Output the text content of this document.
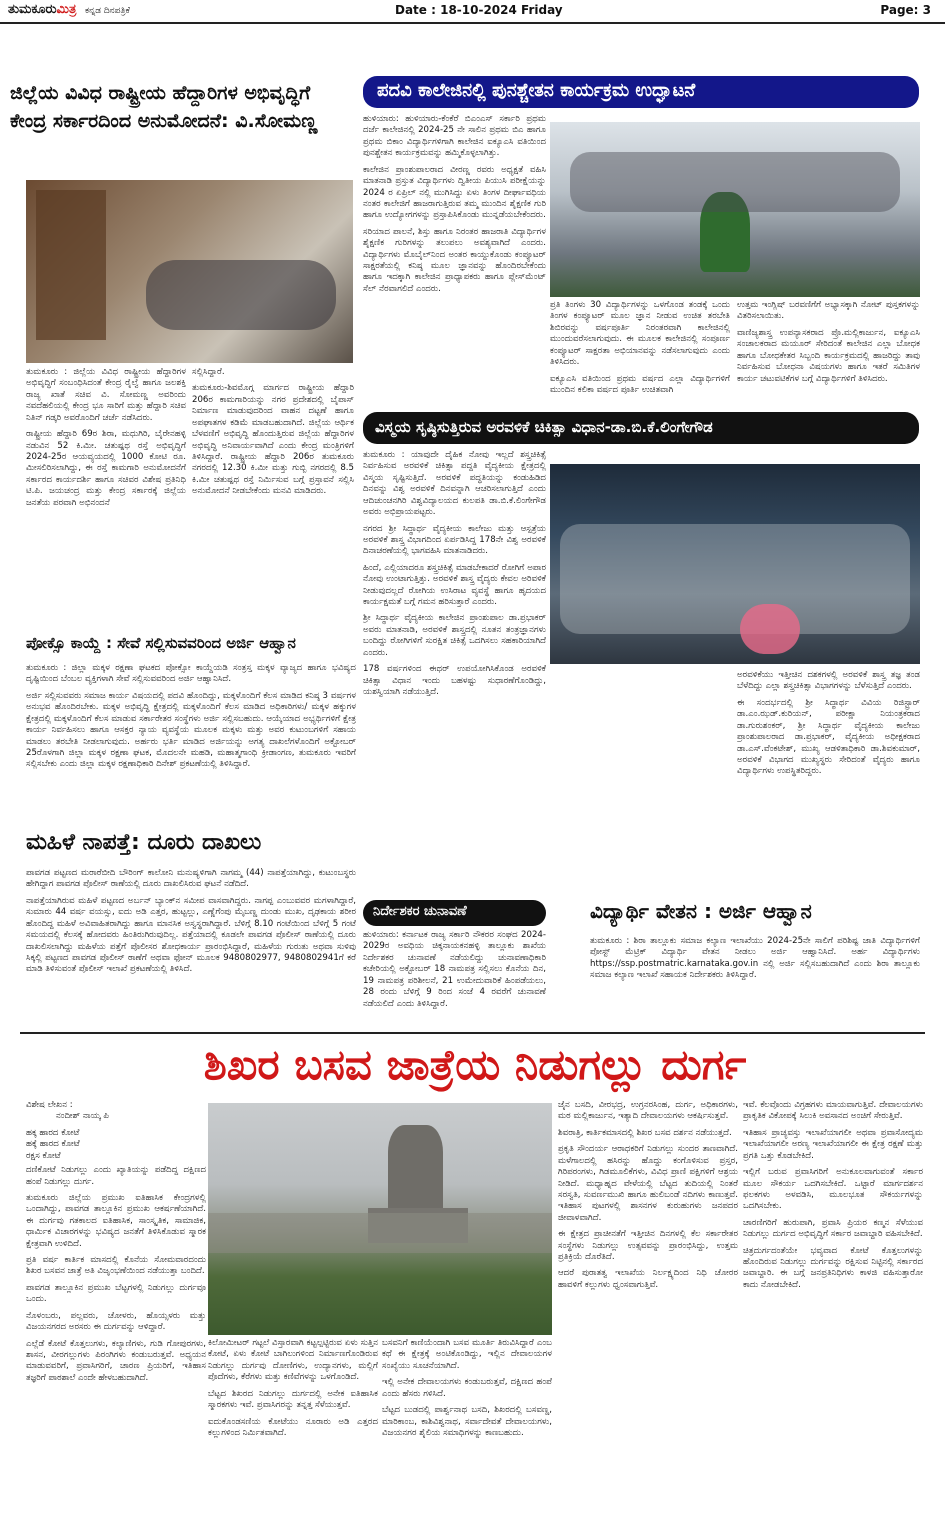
ತುಮಕೂರುಮಿತ್ರ ಕನ್ನಡ ದಿನಪತ್ರಿಕೆ	Date : 18-10-2024 Friday	Page: 3
ಜಿಲ್ಲೆಯ ವಿವಿಧ ರಾಷ್ಟ್ರೀಯ ಹೆದ್ದಾರಿಗಳ ಅಭಿವೃದ್ಧಿಗೆ
ಕೇಂದ್ರ ಸರ್ಕಾರದಿಂದ ಅನುಮೋದನೆ: ವಿ.ಸೋಮಣ್ಣ

ತುಮಕೂರು : ಜಿಲ್ಲೆಯ ವಿವಿಧ ರಾಷ್ಟ್ರೀಯ ಹೆದ್ದಾರಿಗಳ ಅಭಿವೃದ್ಧಿಗೆ ಸಂಬಂಧಿಸಿದಂತೆ ಕೇಂದ್ರ ರೈಲ್ವೆ ಹಾಗೂ ಜಲಶಕ್ತಿ ರಾಜ್ಯ ಖಾತೆ ಸಚಿವ ವಿ. ಸೋಮಣ್ಣ ಅವರಿಂದು ನವದೆಹಲಿಯಲ್ಲಿ ಕೇಂದ್ರ ಭೂ ಸಾರಿಗೆ ಮತ್ತು ಹೆದ್ದಾರಿ ಸಚಿವ ನಿತಿನ್ ಗಡ್ಕರಿ ಅವರೊಂದಿಗೆ ಚರ್ಚೆ ನಡೆಸಿದರು.

ರಾಷ್ಟ್ರೀಯ ಹೆದ್ದಾರಿ 69ರ ಶಿರಾ, ಮಧುಗಿರಿ, ಬೈರೇನಹಳ್ಳಿ ನಡುವಿನ 52 ಕಿ.ಮೀ. ಚತುಷ್ಪಥ ರಸ್ತೆ ಅಭಿವೃದ್ಧಿಗೆ 2024-25ರ ಆಯವ್ಯಯದಲ್ಲಿ 1000 ಕೋಟಿ ರೂ. ಮೀಸಲಿರಿಸಲಾಗಿದ್ದು, ಈ ರಸ್ತೆ ಕಾಮಗಾರಿ ಅನುಮೋದನೆಗೆ ಸರ್ಕಾರದ ಕಾರ್ಯದರ್ಶಿ ಹಾಗೂ ಸಚಿವರ ವಿಶೇಷ ಪ್ರತಿನಿಧಿ ಟಿ.ಪಿ. ಜಯಚಂದ್ರ ಮತ್ತು ಕೇಂದ್ರ ಸರ್ಕಾರಕ್ಕೆ ಜಿಲ್ಲೆಯ ಜನತೆಯ ಪರವಾಗಿ ಅಭಿನಂದನೆ

ಸಲ್ಲಿಸಿದ್ದಾರೆ.

ತುಮಕೂರು-ಶಿವಮೊಗ್ಗ ಮಾರ್ಗದ ರಾಷ್ಟ್ರೀಯ ಹೆದ್ದಾರಿ 206ರ ಕಾಮಗಾರಿಯನ್ನು ನಗರ ಪ್ರದೇಶದಲ್ಲಿ ಬೈಪಾಸ್ ನಿರ್ಮಾಣ ಮಾಡುವುದರಿಂದ ವಾಹನ ದಟ್ಟಣೆ ಹಾಗೂ ಅಪಘಾತಗಳ ಕಡಿಮೆ ಮಾಡಬಹುದಾಗಿದೆ. ಜಿಲ್ಲೆಯ ಆರ್ಥಿಕ ಬೆಳವಣಿಗೆ ಅಭಿವೃದ್ಧಿ ಹೊಂದುತ್ತಿರುವ ಜಿಲ್ಲೆಯ ಹೆದ್ದಾರಿಗಳ ಅಭಿವೃದ್ಧಿ ಅನಿವಾರ್ಯವಾಗಿದೆ ಎಂದು ಕೇಂದ್ರ ಮಂತ್ರಿಗಳಿಗೆ ತಿಳಿಸಿದ್ದಾರೆ. ರಾಷ್ಟ್ರೀಯ ಹೆದ್ದಾರಿ 206ರ ತುಮಕೂರು ನಗರದಲ್ಲಿ 12.30 ಕಿ.ಮೀ ಮತ್ತು ಗುಬ್ಬಿ ನಗರದಲ್ಲಿ 8.5 ಕಿ.ಮೀ ಚತುಷ್ಪಥ ರಸ್ತೆ ನಿರ್ಮಿಸುವ ಬಗ್ಗೆ ಪ್ರಸ್ತಾವನೆ ಸಲ್ಲಿಸಿ ಅನುಮೋದನೆ ನೀಡಬೇಕೆಂದು ಮನವಿ ಮಾಡಿದರು.

ಪೋಕ್ಸೊ ಕಾಯ್ದೆ : ಸೇವೆ ಸಲ್ಲಿಸುವವರಿಂದ ಅರ್ಜಿ ಆಹ್ವಾನ

ತುಮಕೂರು : ಜಿಲ್ಲಾ ಮಕ್ಕಳ ರಕ್ಷಣಾ ಘಟಕದ ಪೋಕ್ಸೋ ಕಾಯ್ದೆಯಡಿ ಸಂತ್ರಸ್ತ ಮಕ್ಕಳ ವ್ಯಾಜ್ಯದ ಹಾಗೂ ಭವಿಷ್ಯದ ದೃಷ್ಟಿಯಿಂದ ಬೆಂಬಲ ವ್ಯಕ್ತಿಗಳಾಗಿ ಸೇವೆ ಸಲ್ಲಿಸುವವರಿಂದ ಅರ್ಜಿ ಆಹ್ವಾನಿಸಿದೆ.

ಅರ್ಜಿ ಸಲ್ಲಿಸುವವರು ಸಮಾಜ ಕಾರ್ಯ ವಿಷಯದಲ್ಲಿ ಪದವಿ ಹೊಂದಿದ್ದು, ಮಕ್ಕಳೊಂದಿಗೆ ಕೆಲಸ ಮಾಡಿದ ಕನಿಷ್ಠ 3 ವರ್ಷಗಳ ಅನುಭವ ಹೊಂದಿರಬೇಕು. ಮಕ್ಕಳ ಅಭಿವೃದ್ಧಿ ಕ್ಷೇತ್ರದಲ್ಲಿ ಮಕ್ಕಳೊಂದಿಗೆ ಕೆಲಸ ಮಾಡಿದ ಅಧಿಕಾರಿಗಳು/ ಮಕ್ಕಳ ಹಕ್ಕುಗಳ ಕ್ಷೇತ್ರದಲ್ಲಿ ಮಕ್ಕಳೊಂದಿಗೆ ಕೆಲಸ ಮಾಡುವ ಸರ್ಕಾರೇತರ ಸಂಸ್ಥೆಗಳು ಅರ್ಜಿ ಸಲ್ಲಿಸಬಹುದು. ಆಯ್ಕೆಯಾದ ಅಭ್ಯರ್ಥಿಗಳಿಗೆ ಕ್ಷೇತ್ರ ಕಾರ್ಯ ನಿರ್ವಹಿಸಲು ಹಾಗೂ ಆಸಕ್ತರ ನ್ಯಾಯ ವ್ಯವಸ್ಥೆಯ ಮೂಲಕ ಮಕ್ಕಳು ಮತ್ತು ಅವರ ಕುಟುಂಬಗಳಿಗೆ ಸಹಾಯ ಮಾಡಲು ತರಬೇತಿ ನೀಡಲಾಗುವುದು. ಅರ್ಹರು ಭರ್ತಿ ಮಾಡಿದ ಅರ್ಜಿಯನ್ನು ಅಗತ್ಯ ದಾಖಲೆಗಳೊಂದಿಗೆ ಅಕ್ಟೋಬರ್ 25ರೊಳಗಾಗಿ ಜಿಲ್ಲಾ ಮಕ್ಕಳ ರಕ್ಷಣಾ ಘಟಕ, ಮೊದಲನೇ ಮಹಡಿ, ಮಹಾತ್ಮಗಾಂಧಿ ಕ್ರೀಡಾಂಗಣ, ತುಮಕೂರು ಇವರಿಗೆ ಸಲ್ಲಿಸಬೇಕು ಎಂದು ಜಿಲ್ಲಾ ಮಕ್ಕಳ ರಕ್ಷಣಾಧಿಕಾರಿ ದಿನೇಶ್ ಪ್ರಕಟಣೆಯಲ್ಲಿ ತಿಳಿಸಿದ್ದಾರೆ.

ಮಹಿಳೆ ನಾಪತ್ತೆ: ದೂರು ದಾಖಲು

ಪಾವಗಡ ಪಟ್ಟಣದ ಮರಾಠೆಬೀದಿ ಬೌರಿಂಗ್ ಕಾಲೋನಿ ಮನುಷ್ಯಳಿಗಾಗಿ ನಾಗಮ್ಮ (44) ನಾಪತ್ತೆಯಾಗಿದ್ದು, ಕುಟುಂಬಸ್ಥರು ಹೇಗಿದ್ದಾಗ ಪಾವಗಡ ಪೊಲೀಸ್ ಠಾಣೆಯಲ್ಲಿ ದೂರು ದಾಖಲಿಸಿರುವ ಘಟನೆ ನಡೆದಿದೆ.

ನಾಪತ್ತೆಯಾಗಿರುವ ಮಹಿಳೆ ಪಟ್ಟಣದ ಅರ್ಬನ್ ಬ್ಯಾಂಕ್‌ನ ಸಮೀಪ ವಾಸವಾಗಿದ್ದರು. ನಾಗಪ್ಪ ಎಂಬುವವರ ಮಗಳಾಗಿದ್ದಾರೆ, ಸುಮಾರು 44 ವರ್ಷ ವಯಸ್ಸು, ಐದು ಅಡಿ ಎತ್ತರ, ಹುಟ್ಟಲ್ಲು, ಎಣ್ಣೆಗೆಂಪು ಮೈಬಣ್ಣ ದುಂಡು ಮುಖ, ದೃಢಕಾಯ ಶರೀರ ಹೊಂದಿದ್ದ ಮಹಿಳೆ ಅವಿವಾಹಿತರಾಗಿದ್ದು ಹಾಗೂ ಮಾನಸಿಕ ಅಸ್ವಸ್ಥರಾಗಿದ್ದಾರೆ. ಬೆಳಿಗ್ಗೆ 8.10 ಗಂಟೆಯಿಂದ ಬೆಳಿಗ್ಗೆ 5 ಗಂಟೆ ಸಮಯದಲ್ಲಿ ಕೆಲಸಕ್ಕೆ ಹೋದವರು ಹಿಂತಿರುಗಿರುವುದಿಲ್ಲ. ಪತ್ತೆಯಾದಲ್ಲಿ ಕೂಡಲೇ ಪಾವಗಡ ಪೊಲೀಸ್ ಠಾಣೆಯಲ್ಲಿ ದೂರು ದಾಖಲಿಸಲಾಗಿದ್ದು ಮಹಿಳೆಯ ಪತ್ತೆಗೆ ಪೊಲೀಸರ ಶೋಧಕಾರ್ಯ ಪ್ರಾರಂಭಿಸಿದ್ದಾರೆ, ಮಹಿಳೆಯ ಗುರುತು ಅಥವಾ ಸುಳಿವು ಸಿಕ್ಕಲ್ಲಿ ಪಟ್ಟಣದ ಪಾವಗಡ ಪೊಲೀಸ್ ಠಾಣೆಗೆ ಅಥವಾ ಫೋನ್ ಮೂಲಕ 9480802977, 9480802941ಗೆ ಕರೆ ಮಾಡಿ ತಿಳಿಸುವಂತೆ ಪೊಲೀಸ್ ಇಲಾಖೆ ಪ್ರಕಟಣೆಯಲ್ಲಿ ತಿಳಿಸಿದೆ.

ಪದವಿ ಕಾಲೇಜಿನಲ್ಲಿ ಪುನಶ್ಚೇತನ ಕಾರ್ಯಕ್ರಮ ಉದ್ಘಾಟನೆ

ಹುಳಿಯಾರು: ಹುಳಿಯಾರು-ಕೆಂಕೆರೆ ಬಿಎಂಎಸ್ ಸರ್ಕಾರಿ ಪ್ರಥಮ ದರ್ಜೆ ಕಾಲೇಜಿನಲ್ಲಿ 2024-25 ನೇ ಸಾಲಿನ ಪ್ರಥಮ ಬಿಎ ಹಾಗೂ ಪ್ರಥಮ ಬಿಕಾಂ ವಿದ್ಯಾರ್ಥಿಗಳಿಗಾಗಿ ಕಾಲೇಜಿನ ಐಕ್ಯೂಎಸಿ ವತಿಯಿಂದ ಪುನಶ್ಚೇತನ ಕಾರ್ಯಕ್ರಮವನ್ನು ಹಮ್ಮಿಕೊಳ್ಳಲಾಗಿತ್ತು.

ಕಾಲೇಜಿನ ಪ್ರಾಂಶುಪಾಲರಾದ ವೀರಣ್ಣ ರವರು ಅಧ್ಯಕ್ಷತೆ ವಹಿಸಿ ಮಾತನಾಡಿ ಪ್ರಸ್ತುತ ವಿದ್ಯಾರ್ಥಿಗಳು ದ್ವಿತೀಯ ಪಿಯುಸಿ ಪರೀಕ್ಷೆಯನ್ನು 2024 ರ ಏಪ್ರಿಲ್ ನಲ್ಲಿ ಮುಗಿಸಿದ್ದು ಏಳು ತಿಂಗಳ ದೀರ್ಘಾವಧಿಯ ನಂತರ ಕಾಲೇಜಿಗೆ ಹಾಜರಾಗುತ್ತಿರುವ ತಮ್ಮ ಮುಂದಿನ ಶೈಕ್ಷಣಿಕ ಗುರಿ ಹಾಗೂ ಉದ್ಯೋಗಗಳನ್ನು ಪ್ರಸ್ತಾಪಿಸಿಕೊಂಡು ಮುನ್ನಡೆಯಬೇಕೆಂದರು.

ಸರಿಯಾದ ಪಾಲನೆ, ಶಿಸ್ತು ಹಾಗೂ ನಿರಂತರ ಹಾಜರಾತಿ ವಿದ್ಯಾರ್ಥಿಗಳ ಶೈಕ್ಷಣಿಕ ಗುರಿಗಳನ್ನು ತಲುಪಲು ಅವಶ್ಯವಾಗಿದೆ ಎಂದರು. ವಿದ್ಯಾರ್ಥಿಗಳು ಮೊಬೈಲ್‌ನಿಂದ ಅಂತರ ಕಾಯ್ದುಕೊಂಡು ಕಂಪ್ಯೂಟರ್ ಸಾಕ್ಷರತೆಯಲ್ಲಿ ಕನಿಷ್ಠ ಮೂಲ ಜ್ಞಾನವನ್ನು ಹೊಂದಿರಬೇಕೆಂದು ಹಾಗೂ ಇದಕ್ಕಾಗಿ ಕಾಲೇಜಿನ ಪ್ರಾಧ್ಯಾಪಕರು ಹಾಗೂ ಪ್ಲೇಸ್‌ಮೆಂಟ್ ಸೆಲ್ ನೆರವಾಗಲಿದೆ ಎಂದರು.

ಪ್ರತಿ ತಿಂಗಳು 30 ವಿದ್ಯಾರ್ಥಿಗಳನ್ನು ಒಳಗೊಂಡ ತಂಡಕ್ಕೆ ಒಂದು ತಿಂಗಳ ಕಂಪ್ಯೂಟರ್ ಮೂಲ ಜ್ಞಾನ ನೀಡುವ ಉಚಿತ ತರಬೇತಿ ಶಿಬಿರವನ್ನು ವರ್ಷಪೂರ್ತಿ ನಿರಂತರವಾಗಿ ಕಾಲೇಜಿನಲ್ಲಿ ಮುಂದುವರೆಸಲಾಗುವುದು. ಈ ಮೂಲಕ ಕಾಲೇಜಿನಲ್ಲಿ ಸಂಪೂರ್ಣ ಕಂಪ್ಯೂಟರ್ ಸಾಕ್ಷರತಾ ಅಭಿಯಾನವನ್ನು ನಡೆಸಲಾಗುವುದು ಎಂದು ತಿಳಿಸಿದರು.

ಐಕ್ಯೂಎಸಿ ವತಿಯಿಂದ ಪ್ರಥಮ ವರ್ಷದ ಎಲ್ಲಾ ವಿದ್ಯಾರ್ಥಿಗಳಿಗೆ ಮುಂದಿನ ಕಲಿಕಾ ವರ್ಷದ ಪೂರ್ತಿ ಉಚಿತವಾಗಿ

ಉತ್ತಮ ಇಂಗ್ಲಿಷ್ ಬರವಣಿಗೆಗೆ ಅಭ್ಯಾಸಕ್ಕಾಗಿ ನೋಟ್ ಪುಸ್ತಕಗಳನ್ನು ವಿತರಿಸಲಾಯಿತು.

ವಾಣಿಜ್ಯಶಾಸ್ತ್ರ ಉಪನ್ಯಾಸಕರಾದ ಪ್ರೊ.ಮಲ್ಲಿಕಾರ್ಜುನ, ಐಕ್ಯೂಎಸಿ ಸಂಚಾಲಕರಾದ ಮಯೂರ್ ಸೇರಿದಂತೆ ಕಾಲೇಜಿನ ಎಲ್ಲಾ ಬೋಧಕ ಹಾಗೂ ಬೋಧಕೇತರ ಸಿಬ್ಬಂದಿ ಕಾರ್ಯಕ್ರಮದಲ್ಲಿ ಹಾಜರಿದ್ದು ತಾವು ನಿರ್ವಹಿಸುವ ಬೋಧನಾ ವಿಷಯಗಳು ಹಾಗೂ ಇತರೆ ಸಮಿತಿಗಳ ಕಾರ್ಯ ಚಟುವಟಿಕೆಗಳ ಬಗ್ಗೆ ವಿದ್ಯಾರ್ಥಿಗಳಿಗೆ ತಿಳಿಸಿದರು.

ವಿಸ್ಮಯ ಸೃಷ್ಠಿಸುತ್ತಿರುವ ಅರವಳಿಕೆ ಚಿಕಿತ್ಸಾ ವಿಧಾನ-ಡಾ.ಬಿ.ಕೆ.ಲಿಂಗೇಗೌಡ

ತುಮಕೂರು : ಯಾವುದೇ ದೈಹಿಕ ನೋವು ಇಲ್ಲದೆ ಶಸ್ತ್ರಚಿಕಿತ್ಸೆ ನಿರ್ವಹಿಸುವ ಅರವಳಿಕೆ ಚಿಕಿತ್ಸಾ ಪದ್ದತಿ ವೈದ್ಯಕೀಯ ಕ್ಷೇತ್ರದಲ್ಲಿ ವಿಸ್ಮಯ ಸೃಷ್ಟಿಸುತ್ತಿದೆ. ಅರವಳಿಕೆ ಪದ್ಧತಿಯನ್ನು ಕಂಡುಹಿಡಿದ ದಿನವನ್ನು ವಿಶ್ವ ಅರವಳಿಕೆ ದಿನವನ್ನಾಗಿ ಆಚರಿಸಲಾಗುತ್ತಿದೆ ಎಂದು ಆದಿಚುಂಚನಗಿರಿ ವಿಶ್ವವಿದ್ಯಾಲಯದ ಕುಲಪತಿ ಡಾ.ಬಿ.ಕೆ.ಲಿಂಗೇಗೌಡ ಅವರು ಅಭಿಪ್ರಾಯಪಟ್ಟರು.

ನಗರದ ಶ್ರೀ ಸಿದ್ಧಾರ್ಥ ವೈದ್ಯಕೀಯ ಕಾಲೇಜು ಮತ್ತು ಆಸ್ಪತ್ರೆಯ ಅರವಳಿಕೆ ಶಾಸ್ತ್ರ ವಿಭಾಗದಿಂದ ಏರ್ಪಡಿಸಿದ್ದ 178ನೇ ವಿಶ್ವ ಅರವಳಿಕೆ ದಿನಾಚರಣೆಯಲ್ಲಿ ಭಾಗವಹಿಸಿ ಮಾತನಾಡಿದರು.

ಹಿಂದೆ, ಎಲ್ಲಿಯಾದರೂ ಶಸ್ತ್ರಚಿಕಿತ್ಸೆ ಮಾಡಬೇಕಾದರೆ ರೋಗಿಗೆ ಅಪಾರ ನೋವು ಉಂಟಾಗುತ್ತಿತ್ತು. ಅರವಳಿಕೆ ಶಾಸ್ತ್ರ ವೈದ್ಯರು ಕೇವಲ ಅರಿವಳಿಕೆ ನೀಡುವುದಲ್ಲದೆ ರೋಗಿಯ ಉಸಿರಾಟ ವ್ಯವಸ್ಥೆ ಹಾಗೂ ಹೃದಯದ ಕಾರ್ಯಕ್ಷಮತೆ ಬಗ್ಗೆ ಗಮನ ಹರಿಸುತ್ತಾರೆ ಎಂದರು.

ಶ್ರೀ ಸಿದ್ಧಾರ್ಥ ವೈದ್ಯಕೀಯ ಕಾಲೇಜಿನ ಪ್ರಾಂಶುಪಾಲ ಡಾ.ಪ್ರಭಾಕರ್ ಅವರು ಮಾತನಾಡಿ, ಅರವಳಿಕೆ ಶಾಸ್ತ್ರದಲ್ಲಿ ನೂತನ ತಂತ್ರಜ್ಞಾನಗಳು ಬಂದಿದ್ದು ರೋಗಿಗಳಿಗೆ ಸುರಕ್ಷಿತ ಚಿಕಿತ್ಸೆ ಒದಗಿಸಲು ಸಹಕಾರಿಯಾಗಿದೆ ಎಂದರು.

178 ವರ್ಷಗಳಿಂದ ಈಥರ್ ಉಪಯೋಗಿಸಿಕೊಂಡ ಅರವಳಿಕೆ ಚಿಕಿತ್ಸಾ ವಿಧಾನ ಇಂದು ಬಹಳಷ್ಟು ಸುಧಾರಣೆಗೊಂಡಿದ್ದು, ಯಶಸ್ವಿಯಾಗಿ ನಡೆಯುತ್ತಿದೆ.

ಅರವಳಿಕೆಯು ಇತ್ತೀಚಿನ ದಶಕಗಳಲ್ಲಿ ಅರವಳಿಕೆ ಶಾಸ್ತ್ರ ತಜ್ಞ ತಂಡ ಬೆಳೆದಿದ್ದು ಎಲ್ಲಾ ಶಸ್ತ್ರಚಿಕಿತ್ಸಾ ವಿಭಾಗಗಳನ್ನು ಬೆಳೆಸುತ್ತಿದೆ ಎಂದರು.

ಈ ಸಂದರ್ಭದಲ್ಲಿ ಶ್ರೀ ಸಿದ್ಧಾರ್ಥ ವಿವಿಯ ರಿಜಿಸ್ಟ್ರಾರ್ ಡಾ.ಎಂ.ಝಡ್.ಕುರಿಯನ್, ಪರೀಕ್ಷಾ ನಿಯಂತ್ರಕರಾದ ಡಾ.ಗುರುಶಂಕರ್, ಶ್ರೀ ಸಿದ್ಧಾರ್ಥ ವೈದ್ಯಕೀಯ ಕಾಲೇಜು ಪ್ರಾಂಶುಪಾಲರಾದ ಡಾ.ಪ್ರಭಾಕರ್, ವೈದ್ಯಕೀಯ ಅಧೀಕ್ಷಕರಾದ ಡಾ.ಎಸ್.ವೆಂಕಟೇಶ್, ಮುಖ್ಯ ಆಡಳಿತಾಧಿಕಾರಿ ಡಾ.ಶಿವಕುಮಾರ್, ಅರವಳಿಕೆ ವಿಭಾಗದ ಮುಖ್ಯಸ್ಥರು ಸೇರಿದಂತೆ ವೈದ್ಯರು ಹಾಗೂ ವಿದ್ಯಾರ್ಥಿಗಳು ಉಪಸ್ಥಿತರಿದ್ದರು.

ನಿರ್ದೇಶಕರ ಚುನಾವಣೆ

ಹುಳಿಯಾರು: ಕರ್ನಾಟಕ ರಾಜ್ಯ ಸರ್ಕಾರಿ ನೌಕರರ ಸಂಘದ 2024-2029ರ ಅವಧಿಯ ಚಿಕ್ಕನಾಯಕನಹಳ್ಳಿ ತಾಲ್ಲೂಕು ಶಾಖೆಯ ನಿರ್ದೇಶಕರ ಚುನಾವಣೆ ನಡೆಯಲಿದ್ದು ಚುನಾವಣಾಧಿಕಾರಿ ಕಚೇರಿಯಲ್ಲಿ ಅಕ್ಟೋಬರ್ 18 ನಾಮಪತ್ರ ಸಲ್ಲಿಸಲು ಕೊನೆಯ ದಿನ, 19 ನಾಮಪತ್ರ ಪರಿಶೀಲನೆ, 21 ಉಮೇದುವಾರಿಕೆ ಹಿಂಪಡೆಯಲು, 28 ರಂದು ಬೆಳಿಗ್ಗೆ 9 ರಿಂದ ಸಂಜೆ 4 ರವರೆಗೆ ಚುನಾವಣೆ ನಡೆಯಲಿದೆ ಎಂದು ತಿಳಿಸಿದ್ದಾರೆ.

ವಿದ್ಯಾರ್ಥಿ ವೇತನ : ಅರ್ಜಿ ಆಹ್ವಾನ

ತುಮಕೂರು : ಶಿರಾ ತಾಲ್ಲೂಕು ಸಮಾಜ ಕಲ್ಯಾಣ ಇಲಾಖೆಯು 2024-25ನೇ ಸಾಲಿಗೆ ಪರಿಶಿಷ್ಟ ಜಾತಿ ವಿದ್ಯಾರ್ಥಿಗಳಿಗೆ ಪೋಸ್ಟ್ ಮೆಟ್ರಿಕ್ ವಿದ್ಯಾರ್ಥಿ ವೇತನ ನೀಡಲು ಅರ್ಜಿ ಆಹ್ವಾನಿಸಿದೆ. ಅರ್ಹ ವಿದ್ಯಾರ್ಥಿಗಳು https://ssp.postmatric.karnataka.gov.in ನಲ್ಲಿ ಅರ್ಜಿ ಸಲ್ಲಿಸಬಹುದಾಗಿದೆ ಎಂದು ಶಿರಾ ತಾಲ್ಲೂಕು ಸಮಾಜ ಕಲ್ಯಾಣ ಇಲಾಖೆ ಸಹಾಯಕ ನಿರ್ದೇಶಕರು ತಿಳಿಸಿದ್ದಾರೆ.

ಶಿಖರ ಬಸವ ಜಾತ್ರೆಯ ನಿಡುಗಲ್ಲು ದುರ್ಗ

ವಿಶೇಷ ಲೇಖನ :

ನಂದೀಶ್ ನಾಯ್ಕ ಪಿ

ಹಕ್ಕ ಹಾರದ ಕೋಟೆ

ಹಕ್ಕೆ ಹಾರದ ಕೋಟೆ

ರಕ್ಷಸ ಕೋಟೆ

ದಣಿಕೋಟೆ ನಿಡುಗಲ್ಲು ಎಂದು ಖ್ಯಾತಿಯನ್ನು ಪಡೆದಿದ್ದ ದಕ್ಷಿಣದ ಹಂಪೆ ನಿಡುಗಲ್ಲು ದುರ್ಗ.

ತುಮಕೂರು ಜಿಲ್ಲೆಯ ಪ್ರಮುಖ ಐತಿಹಾಸಿಕ ಕೇಂದ್ರಗಳಲ್ಲಿ ಒಂದಾಗಿದ್ದು, ಪಾವಗಡ ತಾಲ್ಲೂಕಿನ ಪ್ರಮುಖ ಆಕರ್ಷಣೆಯಾಗಿದೆ. ಈ ದುರ್ಗವು ಗತಕಾಲದ ಐತಿಹಾಸಿಕ, ಸಾಂಸ್ಕೃತಿಕ, ಸಾಮಾಜಿಕ, ಧಾರ್ಮಿಕ ವಿಚಾರಗಳನ್ನು ಭವಿಷ್ಯದ ಜನತೆಗೆ ತಿಳಿಸಿಕೊಡುವ ಸ್ಮಾರಕ ಕ್ಷೇತ್ರವಾಗಿ ಉಳಿದಿದೆ.

ಪ್ರತಿ ವರ್ಷ ಕಾರ್ತಿಕ ಮಾಸದಲ್ಲಿ ಕೊನೆಯ ಸೋಮವಾರದಂದು ಶಿಖರ ಬಸವನ ಜಾತ್ರೆ ಅತಿ ವಿಜೃಂಭಣೆಯಿಂದ ನಡೆಯುತ್ತಾ ಬಂದಿದೆ.

ಪಾವಗಡ ತಾಲ್ಲೂಕಿನ ಪ್ರಮುಖ ಬೆಟ್ಟಗಳಲ್ಲಿ ನಿಡುಗಲ್ಲು ದುರ್ಗವೂ ಒಂದು.

ನೊಳಂಬರು, ಪಲ್ಲವರು, ಚೋಳರು, ಹೊಯ್ಸಳರು ಮತ್ತು ವಿಜಯನಗರದ ಅರಸರು ಈ ದುರ್ಗವನ್ನು ಆಳಿದ್ದಾರೆ.

ಎಲ್ಲೆಡೆ ಕೋಟೆ ಕೊತ್ತಲುಗಳು, ಕಲ್ಯಾಣಿಗಳು, ಗುಡಿ ಗೋಪುರಗಳು, ಶಾಸನ, ವೀರಗಲ್ಲುಗಳು ಪಿರಂಗಿಗಳು ಕಂಡುಬರುತ್ತವೆ. ಅಧ್ಯಯನ ಮಾಡುವವರಿಗೆ, ಪ್ರವಾಸಿಗರಿಗೆ, ಚಾರಣ ಪ್ರಿಯರಿಗೆ, ಇತಿಹಾಸ ತಜ್ಞರಿಗೆ ಪಾಠಶಾಲೆ ಎಂದೇ ಹೇಳಬಹುದಾಗಿದೆ.

ಕಿಲೋಮೀಟರ್ ಗಟ್ಟಲೆ ವಿಸ್ತಾರವಾಗಿ ಕಟ್ಟಲ್ಪಟ್ಟಿರುವ ಏಳು ಸುತ್ತಿನ ಕೋಟೆ, ಏಳು ಕೋಟೆ ಬಾಗಿಲುಗಳಿಂದ ನಿರ್ಮಾಣಗೊಂಡಿರುವ ನಿಡುಗಲ್ಲು ದುರ್ಗವು ದೋಣಿಗಳು, ಉದ್ಯಾನಗಳು, ಮಲ್ಲಿಗೆ ಪೊದೆಗಳು, ಕೆರೆಗಳು ಮತ್ತು ಕಣಿವೆಗಳನ್ನು ಒಳಗೊಂಡಿದೆ.

ಬೆಟ್ಟದ ಶಿಖರದ ನಿಡುಗಲ್ಲು ದುರ್ಗದಲ್ಲಿ ಅನೇಕ ಐತಿಹಾಸಿಕ ಸ್ಮಾರಕಗಳು ಇವೆ. ಪ್ರವಾಸಿಗರನ್ನು ತನ್ನತ್ತ ಸೆಳೆಯುತ್ತವೆ.

ಐದುಕೊಂಡಸಣಿಯ ಕೋಟೆಯು ನೂರಾರು ಅಡಿ ಎತ್ತರದ ಕಲ್ಲುಗಳಿಂದ ನಿರ್ಮಿತವಾಗಿದೆ.

ಬಸವನಿಗೆ ಕಾಣಿಯೆಂದಾಗಿ ಬಸವ ಮೂರ್ತಿ ತಿರುವಿಸಿದ್ದಾರೆ ಎಂಬ ಕಥೆ ಈ ಕ್ಷೇತ್ರಕ್ಕೆ ಅಂಟಿಕೊಂಡಿದ್ದು, ಇಲ್ಲಿನ ದೇವಾಲಯಗಳ ಸಂಖ್ಯೆಯು ಸೂಚನೆಯಾಗಿದೆ.

ಇಲ್ಲಿ ಅನೇಕ ದೇವಾಲಯಗಳು ಕಂಡುಬರುತ್ತವೆ, ದಕ್ಷಿಣದ ಹಂಪೆ ಎಂದು ಹೆಸರು ಗಳಿಸಿದೆ.

ಬೆಟ್ಟದ ಬುಡದಲ್ಲಿ ಪಾರ್ಶ್ವನಾಥ ಬಸದಿ, ಶಿಖರದಲ್ಲಿ ಬಸವಣ್ಣ, ಮಾರಿಕಾಂಬ, ಕಾಶಿವಿಶ್ವನಾಥ, ಸರ್ವಾದೇವತೆ ದೇವಾಲಯಗಳು, ವಿಜಯನಗರ ಶೈಲಿಯ ಸಮಾಧಿಗಳನ್ನು ಕಾಣಬಹುದು.

ಜೈನ ಬಸದಿ, ವೀರಭದ್ರ, ಉಗ್ರನರಸಿಂಹ, ದುರ್ಗ, ಅಧಿಕಾರಗಳು, ಮಠ ಮಲ್ಲಿಕಾರ್ಜುನ, ಇತ್ಯಾದಿ ದೇವಾಲಯಗಳು ಆಕರ್ಷಿಸುತ್ತವೆ.

ಶಿವರಾತ್ರಿ, ಕಾರ್ತಿಕಮಾಸದಲ್ಲಿ ಶಿಖರ ಬಸವ ದರ್ಶನ ನಡೆಯುತ್ತದೆ.

ಪ್ರಕೃತಿ ಸೌಂದರ್ಯ ಆರಾಧಕರಿಗೆ ನಿಡುಗಲ್ಲು ಸುಂದರ ತಾಣವಾಗಿದೆ. ಮಳೆಗಾಲದಲ್ಲಿ ಹಸಿರನ್ನು ಹೊದ್ದು ಕಂಗೊಳಿಸುವ ಪ್ರಸ್ತರ, ಗಿರಿಪರಂಗಳು, ಗಿಡಮೂಲಿಕೆಗಳು, ವಿವಿಧ ಪ್ರಾಣಿ ಪಕ್ಷಿಗಳಿಗೆ ಆಶ್ರಯ ನೀಡಿದೆ. ಮಧ್ಯಾಹ್ನದ ವೇಳೆಯಲ್ಲಿ ಬೆಟ್ಟದ ತುದಿಯಲ್ಲಿ ನಿಂತರೆ ಸರಸ್ವತಿ, ಸುವರ್ಣಮುಖಿ ಹಾಗೂ ಹುಲಿಬಂಡೆ ನದಿಗಳು ಕಾಣುತ್ತವೆ. ಇತಿಹಾಸ ಪುಟಗಳಲ್ಲಿ ಶಾಸನಗಳ ಕುರುಹುಗಳು ಜನಪದರ ಜೀವಾಳವಾಗಿದೆ.

ಈ ಕ್ಷೇತ್ರದ ಪ್ರಾಚೀನತೆಗೆ ಇತ್ತೀಚಿನ ದಿನಗಳಲ್ಲಿ ಕೆಲ ಸರ್ಕಾರೇತರ ಸಂಸ್ಥೆಗಳು ನಿಡುಗಲ್ಲು ಉತ್ಸವವನ್ನು ಪ್ರಾರಂಭಿಸಿದ್ದು, ಉತ್ತಮ ಪ್ರತಿಕ್ರಿಯೆ ದೊರೆತಿದೆ.

ಆದರೆ ಪುರಾತತ್ವ ಇಲಾಖೆಯ ನಿರ್ಲಕ್ಷ್ಯದಿಂದ ನಿಧಿ ಚೋರರ ಹಾವಳಿಗೆ ಕಲ್ಲುಗಳು ಧ್ವಂಸವಾಗುತ್ತಿವೆ.

ಇವೆ. ಕೆಲವೊಂದು ವಿಗ್ರಹಗಳು ಮಾಯವಾಗುತ್ತಿವೆ. ದೇವಾಲಯಗಳು ಪ್ರಾಕೃತಿಕ ವಿಕೋಪಕ್ಕೆ ಸಿಲುಕಿ ಅವಸಾನದ ಅಂಚಿಗೆ ಸೇರುತ್ತಿವೆ.

ಇತಿಹಾಸ ಪ್ರಾಚ್ಯವಸ್ತು ಇಲಾಖೆಯಾಗಲೀ ಅಥವಾ ಪ್ರವಾಸೋದ್ಯಮ ಇಲಾಖೆಯಾಗಲೀ ಅರಣ್ಯ ಇಲಾಖೆಯಾಗಲೀ ಈ ಕ್ಷೇತ್ರ ರಕ್ಷಣೆ ಮತ್ತು ಪ್ರಗತಿ ಒತ್ತು ಕೊಡಬೇಕಿದೆ.

ಇಲ್ಲಿಗೆ ಬರುವ ಪ್ರವಾಸಿಗರಿಗೆ ಅನುಕೂಲವಾಗುವಂತೆ ಸರ್ಕಾರ ಮೂಲ ಸೌಕರ್ಯ ಒದಗಿಸಬೇಕಿದೆ. ಒಟ್ಟಾರೆ ಮಾರ್ಗದರ್ಶನ ಫಲಕಗಳು ಅಳವಡಿಸಿ, ಮೂಲಭೂತ ಸೌಕರ್ಯಗಳನ್ನು ಒದಗಿಸಬೇಕು.

ಚಾರಣಿಗರಿಗೆ ಹುರುಪಾಗಿ, ಪ್ರವಾಸಿ ಪ್ರಿಯರ ಕಣ್ಮನ ಸೆಳೆಯುವ ನಿಡುಗಲ್ಲು ದುರ್ಗದ ಅಭಿವೃದ್ಧಿಗೆ ಸರ್ಕಾರ ಜವಾಬ್ದಾರಿ ವಹಿಸಬೇಕಿದೆ.

ಚಿತ್ರದುರ್ಗದಂತೆಯೇ ಭವ್ಯವಾದ ಕೋಟೆ ಕೊತ್ತಲುಗಳನ್ನು ಹೊಂದಿರುವ ನಿಡುಗಲ್ಲು ದುರ್ಗವನ್ನು ರಕ್ಷಿಸುವ ನಿಟ್ಟಿನಲ್ಲಿ ಸರ್ಕಾರದ ಜವಾಬ್ದಾರಿ. ಈ ಬಗ್ಗೆ ಜನಪ್ರತಿನಿಧಿಗಳು ಕಾಳಜಿ ವಹಿಸುತ್ತಾರೋ ಕಾದು ನೋಡಬೇಕಿದೆ.
